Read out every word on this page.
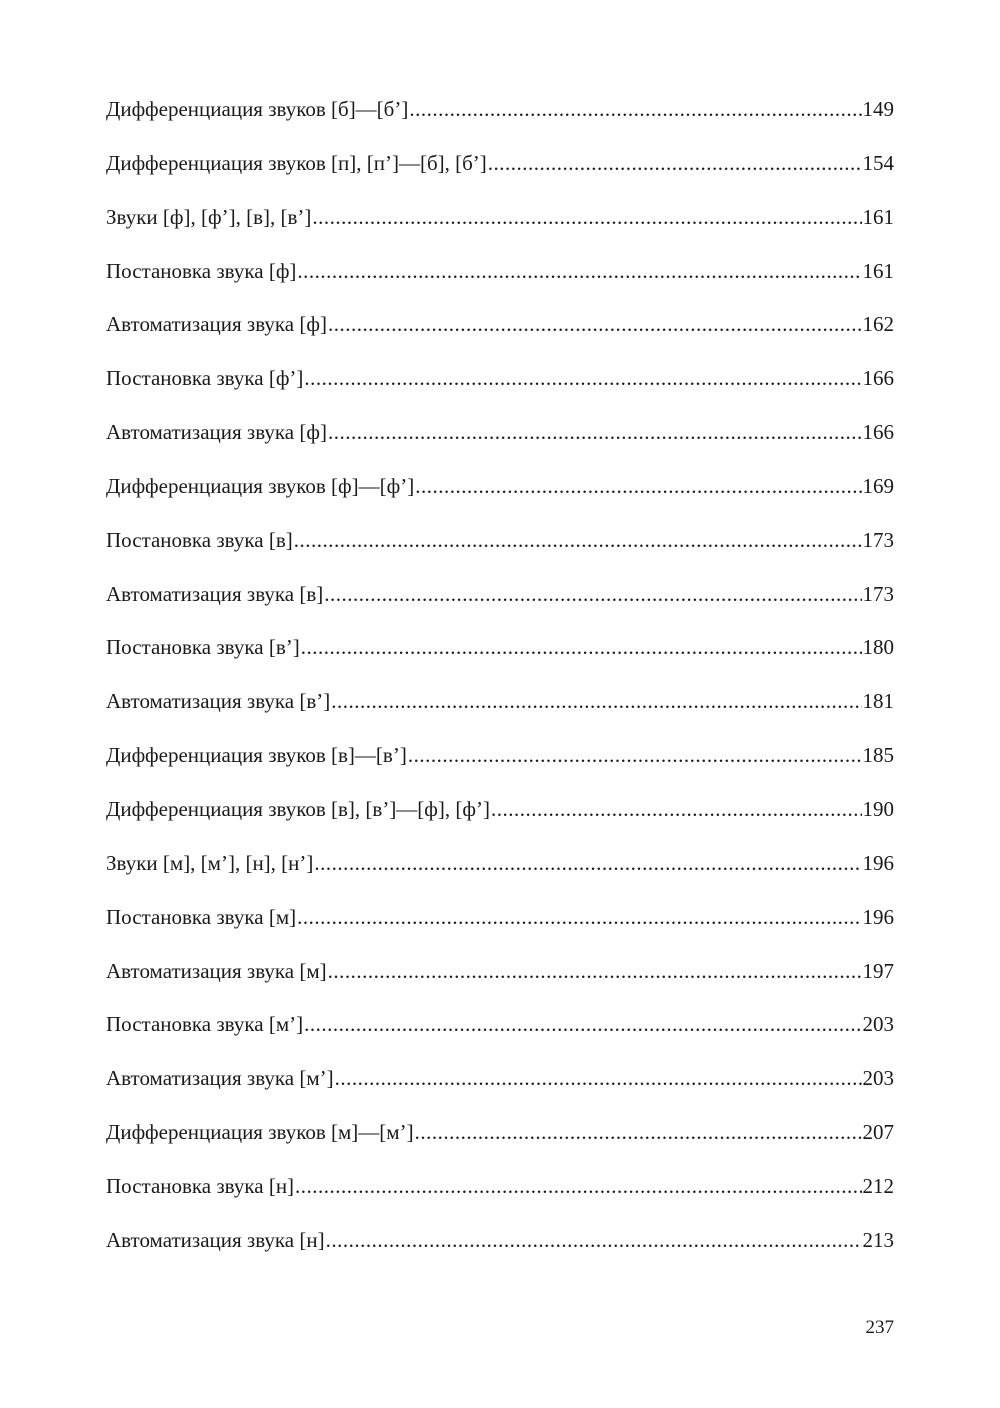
Дифференциация звуков [б]—[б’] .....	149
Дифференциация звуков [п], [п’]—[б], [б’] .....	154
Звуки [ф], [ф’], [в], [в’] .....	161
Постановка звука [ф] .....	161
Автоматизация звука [ф] .....	162
Постановка звука [ф’] .....	166
Автоматизация звука [ф] .....	166
Дифференциация звуков [ф]—[ф’] .....	169
Постановка звука [в] .....	173
Автоматизация звука [в] .....	173
Постановка звука [в’] .....	180
Автоматизация звука [в’] .....	181
Дифференциация звуков [в]—[в’] .....	185
Дифференциация звуков [в], [в’]—[ф], [ф’] .....	190
Звуки [м], [м’], [н], [н’] .....	196
Постановка звука [м] .....	196
Автоматизация звука [м] .....	197
Постановка звука [м’] .....	203
Автоматизация звука [м’] .....	203
Дифференциация звуков [м]—[м’] .....	207
Постановка звука [н] .....	212
Автоматизация звука [н] .....	213
237
